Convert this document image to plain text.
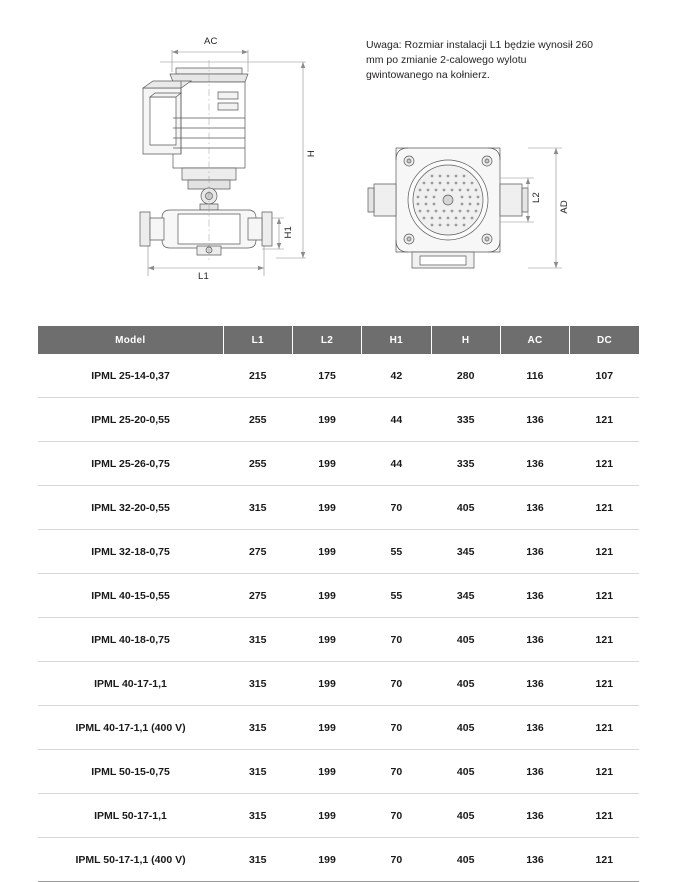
Uwaga: Rozmiar instalacji L1 będzie wynosił 260 mm po zmianie 2-calowego wylotu gwintowanego na kołnierz.
AC
H
H1
L1
L2
AD
Model	L1	L2	H1	H	AC	DC
IPML 25-14-0,37	215	175	42	280	116	107
IPML 25-20-0,55	255	199	44	335	136	121
IPML 25-26-0,75	255	199	44	335	136	121
IPML 32-20-0,55	315	199	70	405	136	121
IPML 32-18-0,75	275	199	55	345	136	121
IPML 40-15-0,55	275	199	55	345	136	121
IPML 40-18-0,75	315	199	70	405	136	121
IPML 40-17-1,1	315	199	70	405	136	121
IPML 40-17-1,1 (400 V)	315	199	70	405	136	121
IPML 50-15-0,75	315	199	70	405	136	121
IPML 50-17-1,1	315	199	70	405	136	121
IPML 50-17-1,1 (400 V)	315	199	70	405	136	121
